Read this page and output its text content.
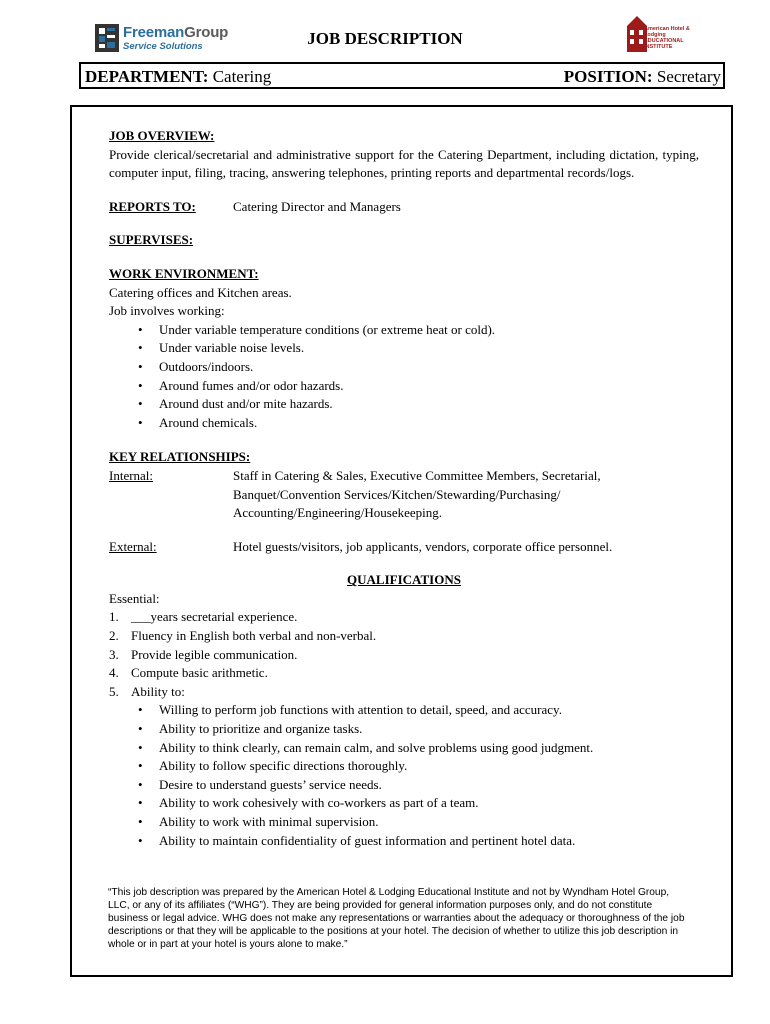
FreemanGroup
Service Solutions	JOB DESCRIPTION	American Hotel & Lodging EDUCATIONAL INSTITUTE
DEPARTMENT: Catering	POSITION: Secretary

JOB OVERVIEW:

Provide clerical/secretarial and administrative support for the Catering Department, including dictation, typing, computer input, filing, tracing, answering telephones, printing reports and departmental records/logs.

REPORTS TO:	Catering Director and Managers

SUPERVISES:

WORK ENVIRONMENT:

Catering offices and Kitchen areas.

Job involves working:

• Under variable temperature conditions (or extreme heat or cold).
• Under variable noise levels.
• Outdoors/indoors.
• Around fumes and/or odor hazards.
• Around dust and/or mite hazards.
• Around chemicals.

KEY RELATIONSHIPS:

Internal:	Staff in Catering & Sales, Executive Committee Members, Secretarial, Banquet/Convention Services/Kitchen/Stewarding/Purchasing/ Accounting/Engineering/Housekeeping.
External:	Hotel guests/visitors, job applicants, vendors, corporate office personnel.

QUALIFICATIONS

Essential:

1. ___years secretarial experience.
2. Fluency in English both verbal and non-verbal.
3. Provide legible communication.
4. Compute basic arithmetic.
5. Ability to:
• Willing to perform job functions with attention to detail, speed, and accuracy.
• Ability to prioritize and organize tasks.
• Ability to think clearly, can remain calm, and solve problems using good judgment.
• Ability to follow specific directions thoroughly.
• Desire to understand guests’ service needs.
• Ability to work cohesively with co-workers as part of a team.
• Ability to work with minimal supervision.
• Ability to maintain confidentiality of guest information and pertinent hotel data.
“This job description was prepared by the American Hotel & Lodging Educational Institute and not by Wyndham Hotel Group, LLC, or any of its affiliates (“WHG”). They are being provided for general information purposes only, and do not constitute business or legal advice. WHG does not make any representations or warranties about the adequacy or thoroughness of the job descriptions or that they will be applicable to the positions at your hotel. The decision of whether to utilize this job description in whole or in part at your hotel is yours alone to make.”
